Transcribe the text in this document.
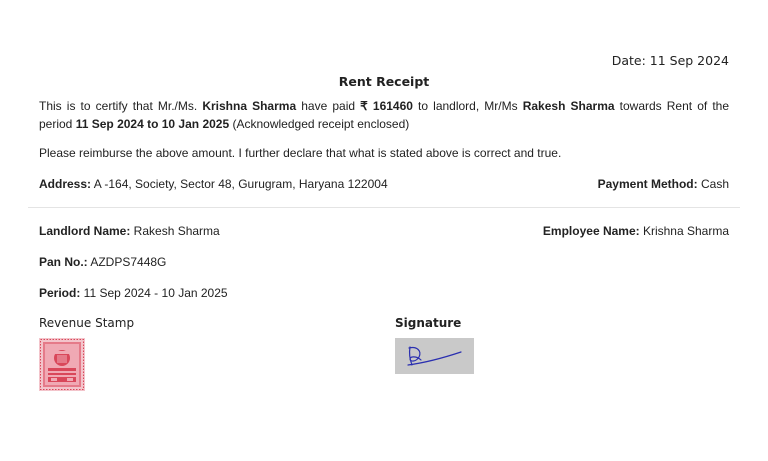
Date: 11 Sep 2024
Rent Receipt
This is to certify that Mr./Ms. Krishna Sharma have paid ₹ 161460 to landlord, Mr/Ms Rakesh Sharma towards Rent of the period 11 Sep 2024 to 10 Jan 2025 (Acknowledged receipt enclosed)
Please reimburse the above amount. I further declare that what is stated above is correct and true.
Address: A -164, Society, Sector 48, Gurugram, Haryana 122004	Payment Method: Cash
Landlord Name: Rakesh Sharma	Employee Name: Krishna Sharma
Pan No.: AZDPS7448G
Period: 11 Sep 2024 - 10 Jan 2025
Revenue Stamp	Signature
